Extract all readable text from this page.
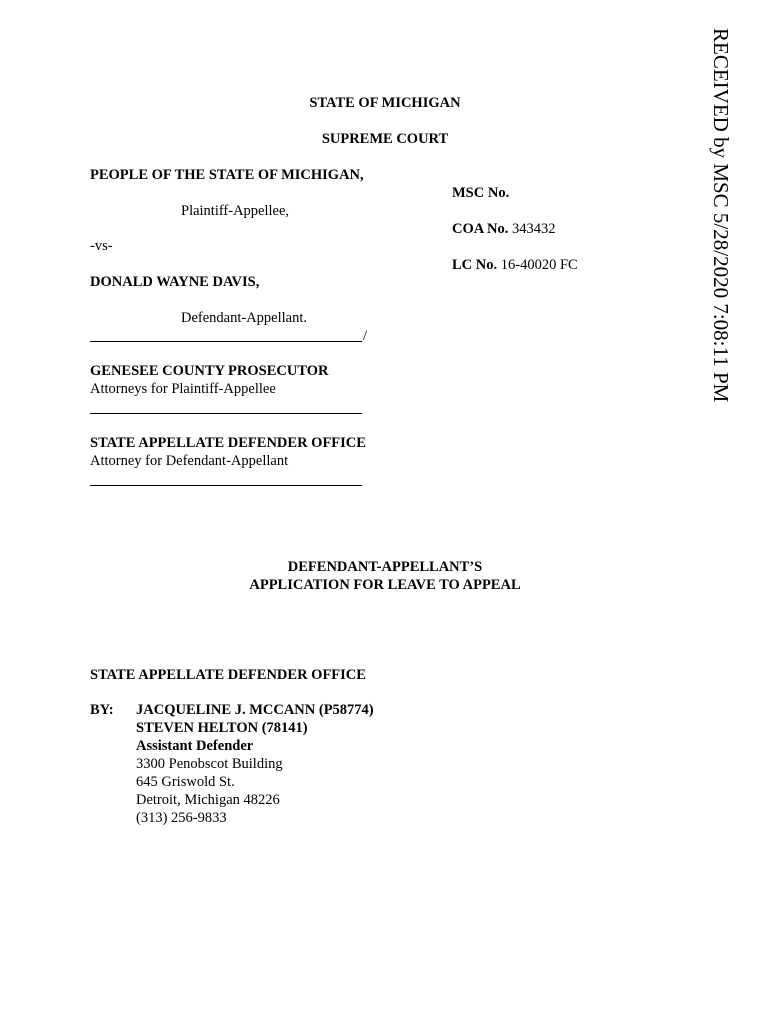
RECEIVED by MSC 5/28/2020 7:08:11 PM
STATE OF MICHIGAN
SUPREME COURT
PEOPLE OF THE STATE OF MICHIGAN,
Plaintiff-Appellee,
-vs-
DONALD WAYNE DAVIS,
Defendant-Appellant.
/
MSC No.
COA No. 343432
LC No. 16-40020 FC
GENESEE COUNTY PROSECUTOR
Attorneys for Plaintiff-Appellee
STATE APPELLATE DEFENDER OFFICE
Attorney for Defendant-Appellant
DEFENDANT-APPELLANT’S
APPLICATION FOR LEAVE TO APPEAL
STATE APPELLATE DEFENDER OFFICE
BY: JACQUELINE J. MCCANN (P58774)
STEVEN HELTON (78141)
Assistant Defender
3300 Penobscot Building
645 Griswold St.
Detroit, Michigan 48226
(313) 256-9833
